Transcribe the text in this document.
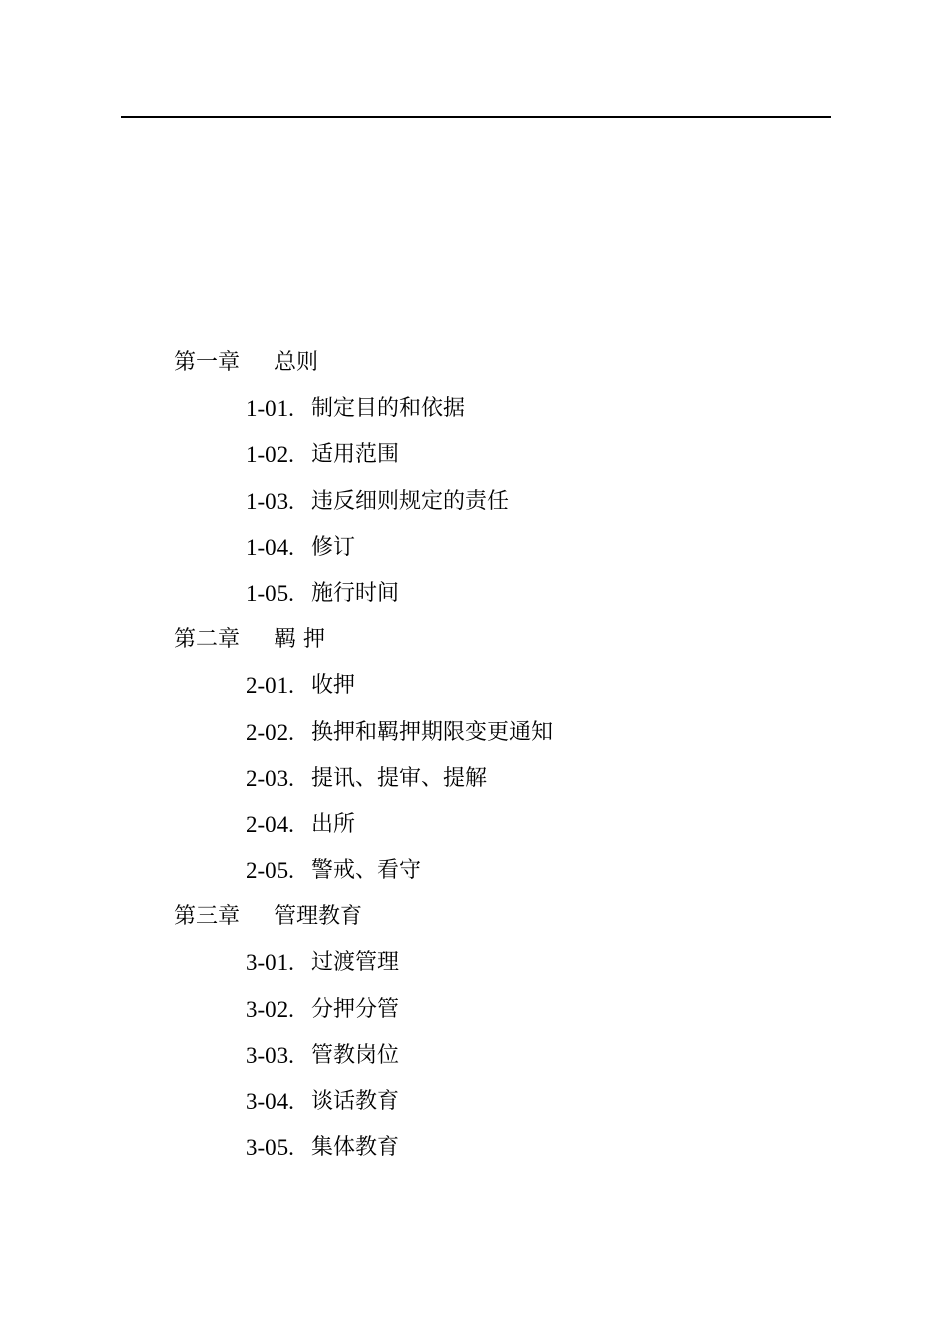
第一章 总则
1-01. 制定目的和依据
1-02. 适用范围
1-03. 违反细则规定的责任
1-04. 修订
1-05. 施行时间
第二章 羁 押
2-01. 收押
2-02. 换押和羁押期限变更通知
2-03. 提讯、提审、提解
2-04. 出所
2-05. 警戒、看守
第三章 管理教育
3-01. 过渡管理
3-02. 分押分管
3-03. 管教岗位
3-04. 谈话教育
3-05. 集体教育
